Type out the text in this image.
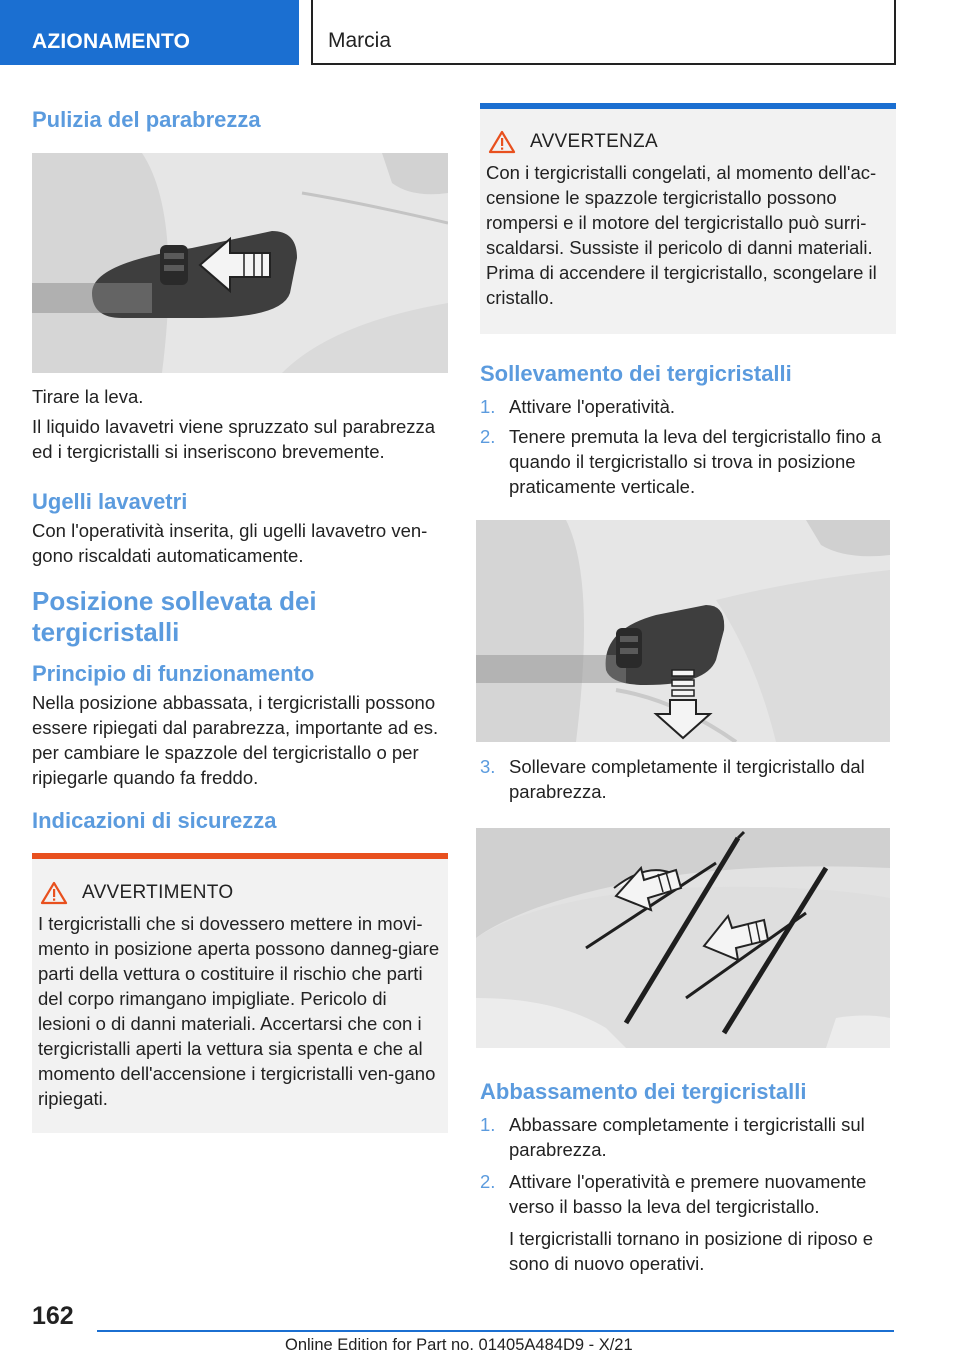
AZIONAMENTO	Marcia
Pulizia del parabrezza

Tirare la leva.

Il liquido lavavetri viene spruzzato sul parabrezza ed i tergicristalli si inseriscono brevemente.

Ugelli lavavetri

Con l'operatività inserita, gli ugelli lavavetro ven‐gono riscaldati automaticamente.

Posizione sollevata dei tergicristalli
Principio di funzionamento

Nella posizione abbassata, i tergicristalli possono essere ripiegati dal parabrezza, importante ad es. per cambiare le spazzole del tergicristallo o per ripiegarle quando fa freddo.

Indicazioni di sicurezza
AVVERTIMENTO
I tergicristalli che si dovessero mettere in movi‐mento in posizione aperta possono danneg‐giare parti della vettura o costituire il rischio che parti del corpo rimangano impigliate. Pericolo di lesioni o di danni materiali. Accertarsi che con i tergicristalli aperti la vettura sia spenta e che al momento dell'accensione i tergicristalli ven‐gano ripiegati.
AVVERTENZA
Con i tergicristalli congelati, al momento dell'ac‐censione le spazzole tergicristallo possono rompersi e il motore del tergicristallo può surri‐scaldarsi. Sussiste il pericolo di danni materiali. Prima di accendere il tergicristallo, scongelare il cristallo.
Sollevamento dei tergicristalli
1. Attivare l'operatività.
2. Tenere premuta la leva del tergicristallo fino a quando il tergicristallo si trova in posizione praticamente verticale.
3. Sollevare completamente il tergicristallo dal parabrezza.
Abbassamento dei tergicristalli
1. Abbassare completamente i tergicristalli sul parabrezza.
2. Attivare l'operatività e premere nuovamente verso il basso la leva del tergicristallo.

I tergicristalli tornano in posizione di riposo e sono di nuovo operativi.

162
Online Edition for Part no. 01405A484D9 - X/21
